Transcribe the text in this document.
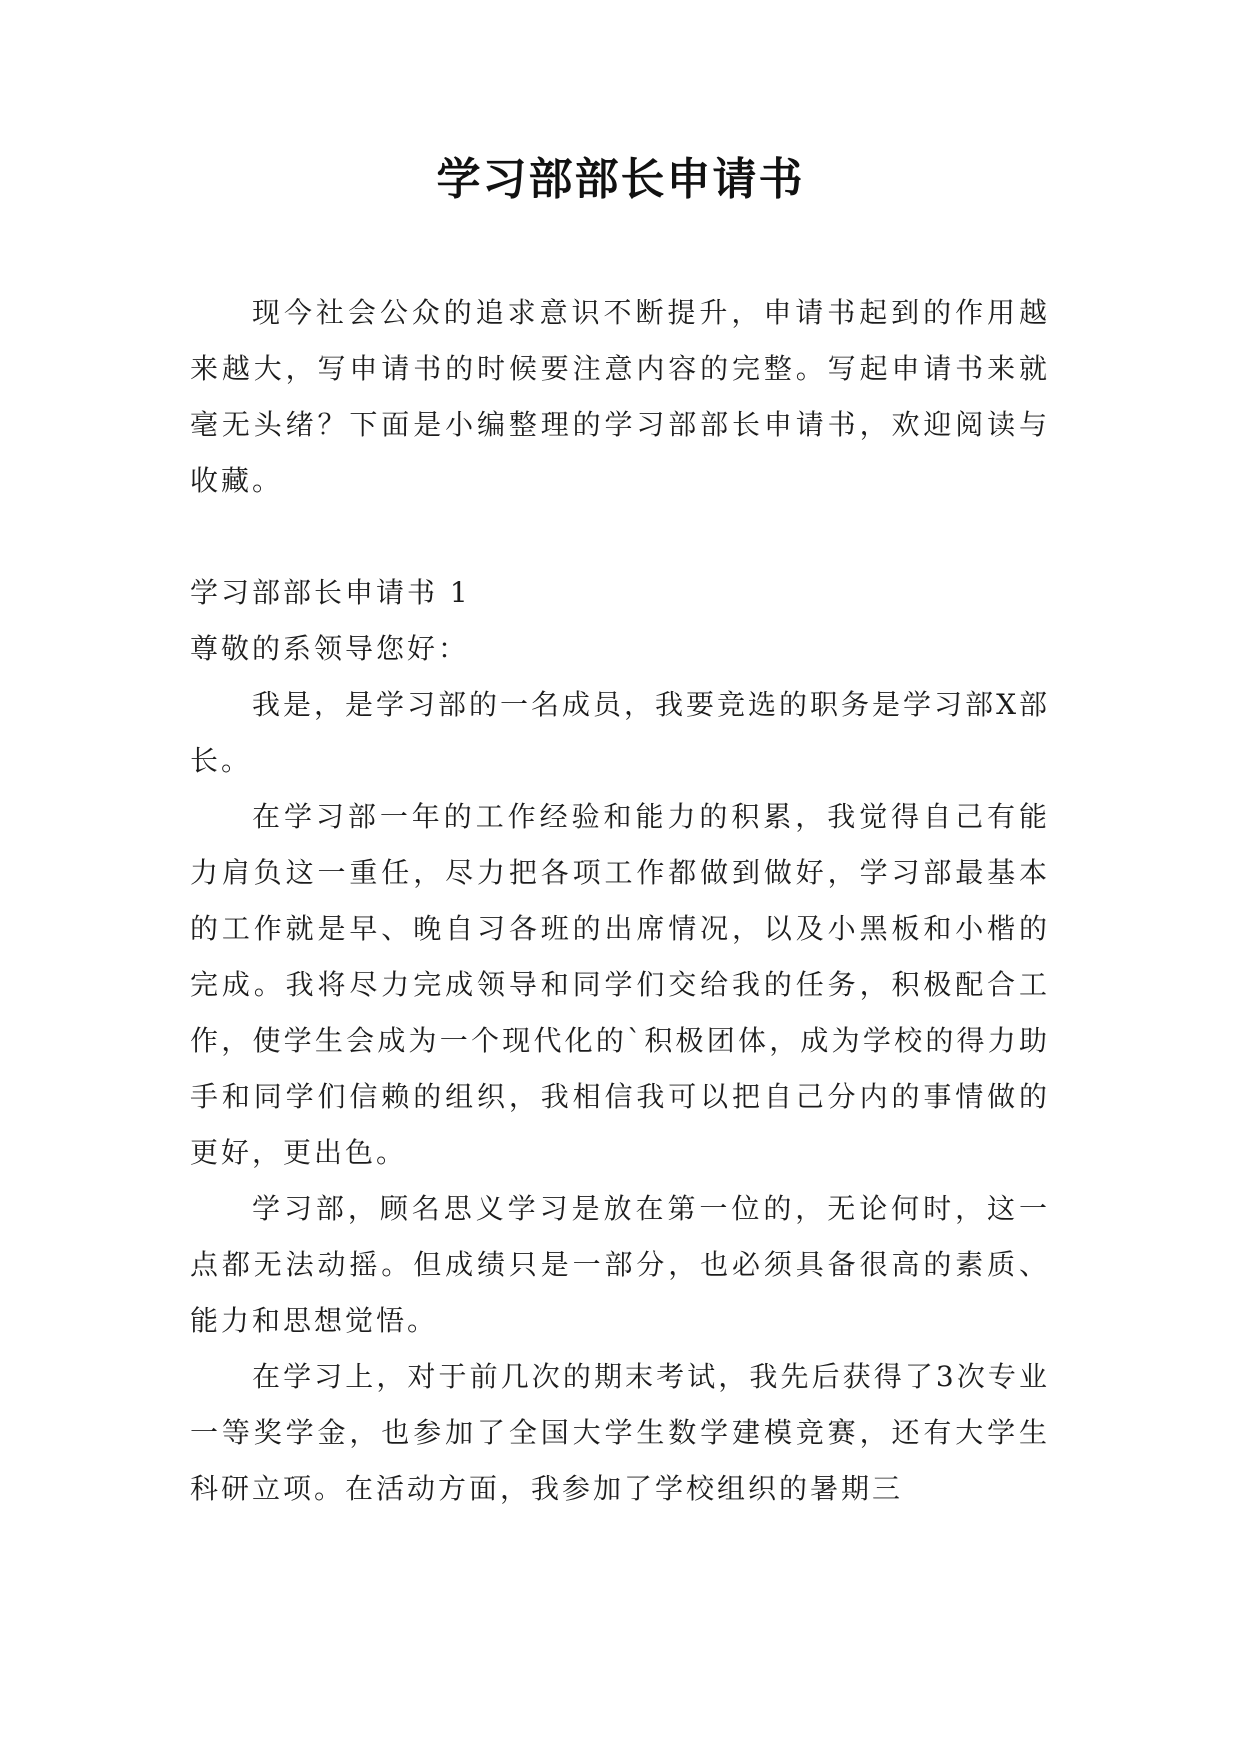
学习部部长申请书

现今社会公众的追求意识不断提升，申请书起到的作用越来越大，写申请书的时候要注意内容的完整。写起申请书来就毫无头绪？下面是小编整理的学习部部长申请书，欢迎阅读与收藏。

学习部部长申请书 1

尊敬的系领导您好：

我是，是学习部的一名成员，我要竞选的职务是学习部X部长。

在学习部一年的工作经验和能力的积累，我觉得自己有能力肩负这一重任，尽力把各项工作都做到做好，学习部最基本的工作就是早、晚自习各班的出席情况，以及小黑板和小楷的完成。我将尽力完成领导和同学们交给我的任务，积极配合工作，使学生会成为一个现代化的`积极团体，成为学校的得力助手和同学们信赖的组织，我相信我可以把自己分内的事情做的更好，更出色。

学习部，顾名思义学习是放在第一位的，无论何时，这一点都无法动摇。但成绩只是一部分，也必须具备很高的素质、能力和思想觉悟。

在学习上，对于前几次的期末考试，我先后获得了3次专业一等奖学金，也参加了全国大学生数学建模竞赛，还有大学生科研立项。在活动方面，我参加了学校组织的暑期三
